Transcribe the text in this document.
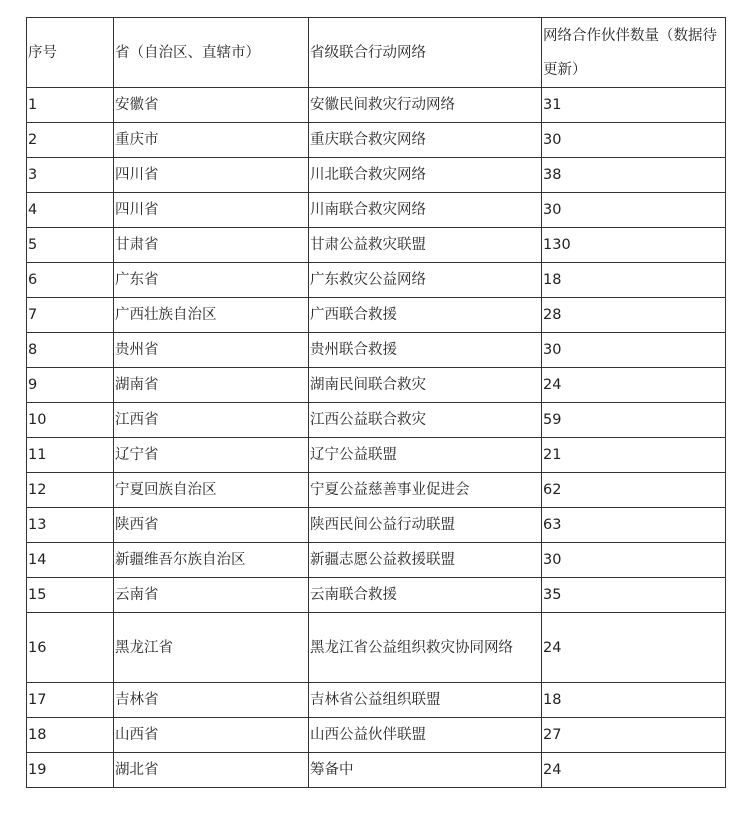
序号	省（自治区、直辖市）	省级联合行动网络	网络合作伙伴数量（数据待更新）
1	安徽省	安徽民间救灾行动网络	31
2	重庆市	重庆联合救灾网络	30
3	四川省	川北联合救灾网络	38
4	四川省	川南联合救灾网络	30
5	甘肃省	甘肃公益救灾联盟	130
6	广东省	广东救灾公益网络	18
7	广西壮族自治区	广西联合救援	28
8	贵州省	贵州联合救援	30
9	湖南省	湖南民间联合救灾	24
10	江西省	江西公益联合救灾	59
11	辽宁省	辽宁公益联盟	21
12	宁夏回族自治区	宁夏公益慈善事业促进会	62
13	陕西省	陕西民间公益行动联盟	63
14	新疆维吾尔族自治区	新疆志愿公益救援联盟	30
15	云南省	云南联合救援	35
16	黑龙江省	黑龙江省公益组织救灾协同网络	24
17	吉林省	吉林省公益组织联盟	18
18	山西省	山西公益伙伴联盟	27
19	湖北省	筹备中	24
